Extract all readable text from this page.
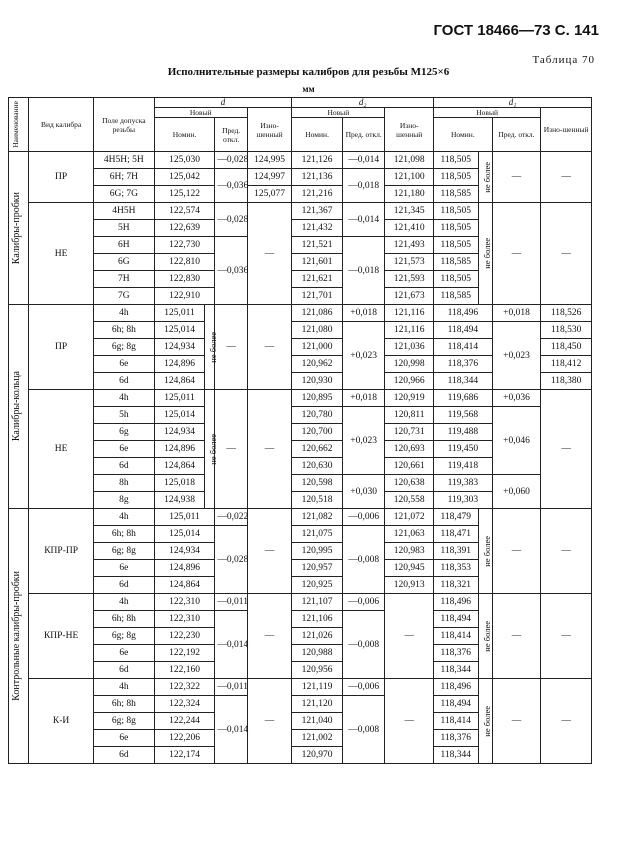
ГОСТ 18466—73 С. 141
Таблица 70
Исполнительные размеры калибров для резьбы М125×6
мм
Наименование	Вид калибра	Поле допуска резьбы	d				d₂			d₁			
			Новый			Изно-шенный	Новый		Изно-шенный	Новый			Изно-шенный
			Номин.		Пред. откл.		Номин.	Пред. откл.		Номин.		Пред. откл.	

Калибры-пробки	ПР	4Н5Н; 5Н	125,030		—0,028	124,995	121,126	—0,014	121,098	118,505	не более	—	—
		6Н; 7Н	125,042		—0,036	124,997	121,136	—0,018	121,100	118,505			
		6G; 7G	125,122			125,077	121,216		121,180	118,585			
	НЕ	4Н5Н	122,574		—0,028	—	121,367	—0,014	121,345	118,505	не более	—	—
		5Н	122,639				121,432		121,410	118,505			
		6Н	122,730		—0,036		121,521	—0,018	121,493	118,505			
		6G	122,810				121,601		121,573	118,585			
		7Н	122,830				121,621		121,593	118,505			
		7G	122,910				121,701		121,673	118,585			

Калибры-кольца	ПР	4h	125,011	не более	—	—	121,086	+0,018	121,116	118,496		+0,018	118,526
		6h; 8h	125,014				121,080	+0,023	121,116	118,494		+0,023	118,530
		6g; 8g	124,934				121,000		121,036	118,414			118,450
		6e	124,896				120,962		120,998	118,376			118,412
		6d	124,864				120,930		120,966	118,344			118,380
	НЕ	4h	125,011	не более	—	—	120,895	+0,018	120,919	119,686		+0,036	—
		5h	125,014				120,780	+0,023	120,811	119,568		+0,046	
		6g	124,934				120,700		120,731	119,488			
		6e	124,896				120,662		120,693	119,450			
		6d	124,864				120,630		120,661	119,418			
		8h	125,018				120,598	+0,030	120,638	119,383		+0,060	
		8g	124,938				120,518		120,558	119,303			

Контрольные калибры-пробки	КПР-ПР	4h	125,011		—0,022	—	121,082	—0,006	121,072	118,479	не более	—	—
		6h; 8h	125,014		—0,028		121,075	—0,008	121,063	118,471			
		6g; 8g	124,934				120,995		120,983	118,391			
		6e	124,896				120,957		120,945	118,353			
		6d	124,864				120,925		120,913	118,321			
	КПР-НЕ	4h	122,310		—0,011	—	121,107	—0,006	—	118,496	не более	—	—
		6h; 8h	122,310		—0,014		121,106	—0,008		118,494			
		6g; 8g	122,230				121,026			118,414			
		6e	122,192				120,988			118,376			
		6d	122,160				120,956			118,344			
	К-И	4h	122,322		—0,011	—	121,119	—0,006	—	118,496	не более	—	—
		6h; 8h	122,324		—0,014		121,120	—0,008		118,494			
		6g; 8g	122,244				121,040			118,414			
		6e	122,206				121,002			118,376			
		6d	122,174				120,970			118,344			
